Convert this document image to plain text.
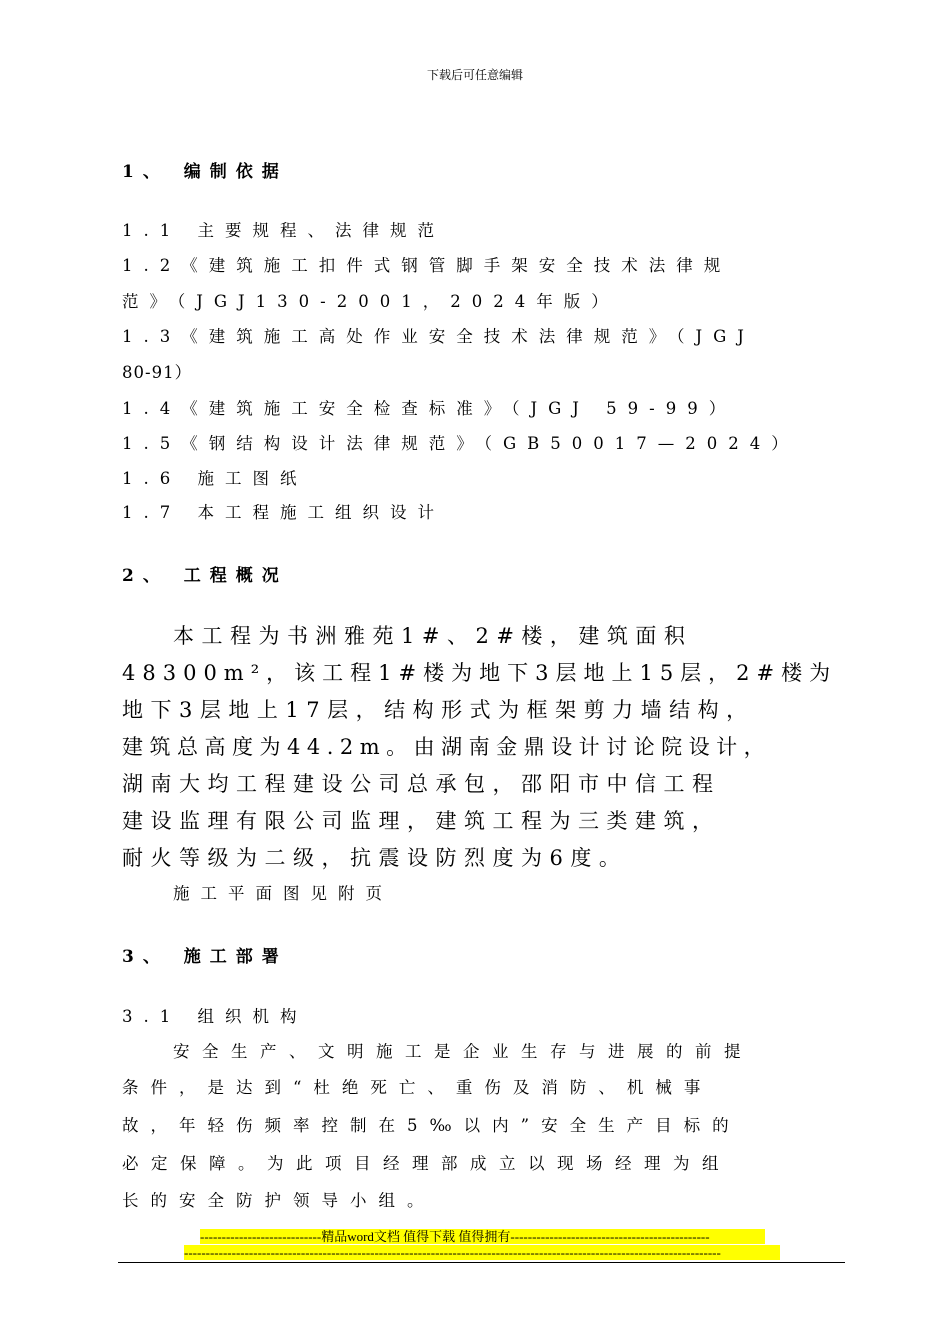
下载后可任意编辑
1、 编制依据
1.1 主要规程、法律规范
1.2《建筑施工扣件式钢管脚手架安全技术法律规
范》（JGJ130-2001，2024年版）
1.3《建筑施工高处作业安全技术法律规范》（JGJ
80-91）
1.4《建筑施工安全检查标准》（JGJ 59-99）
1.5《钢结构设计法律规范》（GB50017—2024）
1.6 施工图纸
1.7 本工程施工组织设计
2、 工程概况
本工程为书洲雅苑1#、2#楼，建筑面积
48300m²，该工程1#楼为地下3层地上15层，2#楼为
地下3层地上17层，结构形式为框架剪力墙结构，
建筑总高度为44.2m。由湖南金鼎设计讨论院设计，
湖南大均工程建设公司总承包，邵阳市中信工程
建设监理有限公司监理，建筑工程为三类建筑，
耐火等级为二级，抗震设防烈度为6度。
施工平面图见附页
3、 施工部署
3.1 组织机构
安全生产、文明施工是企业生存与进展的前提
条件，是达到“杜绝死亡、重伤及消防、机械事
故，年轻伤频率控制在5‰以内”安全生产目标的
必定保障。为此项目经理部成立以现场经理为组
长的安全防护领导小组。
----------------------------精品word文档 值得下载 值得拥有----------------------------------------------
----------------------------------------------------------------------------------------------------------------------------
